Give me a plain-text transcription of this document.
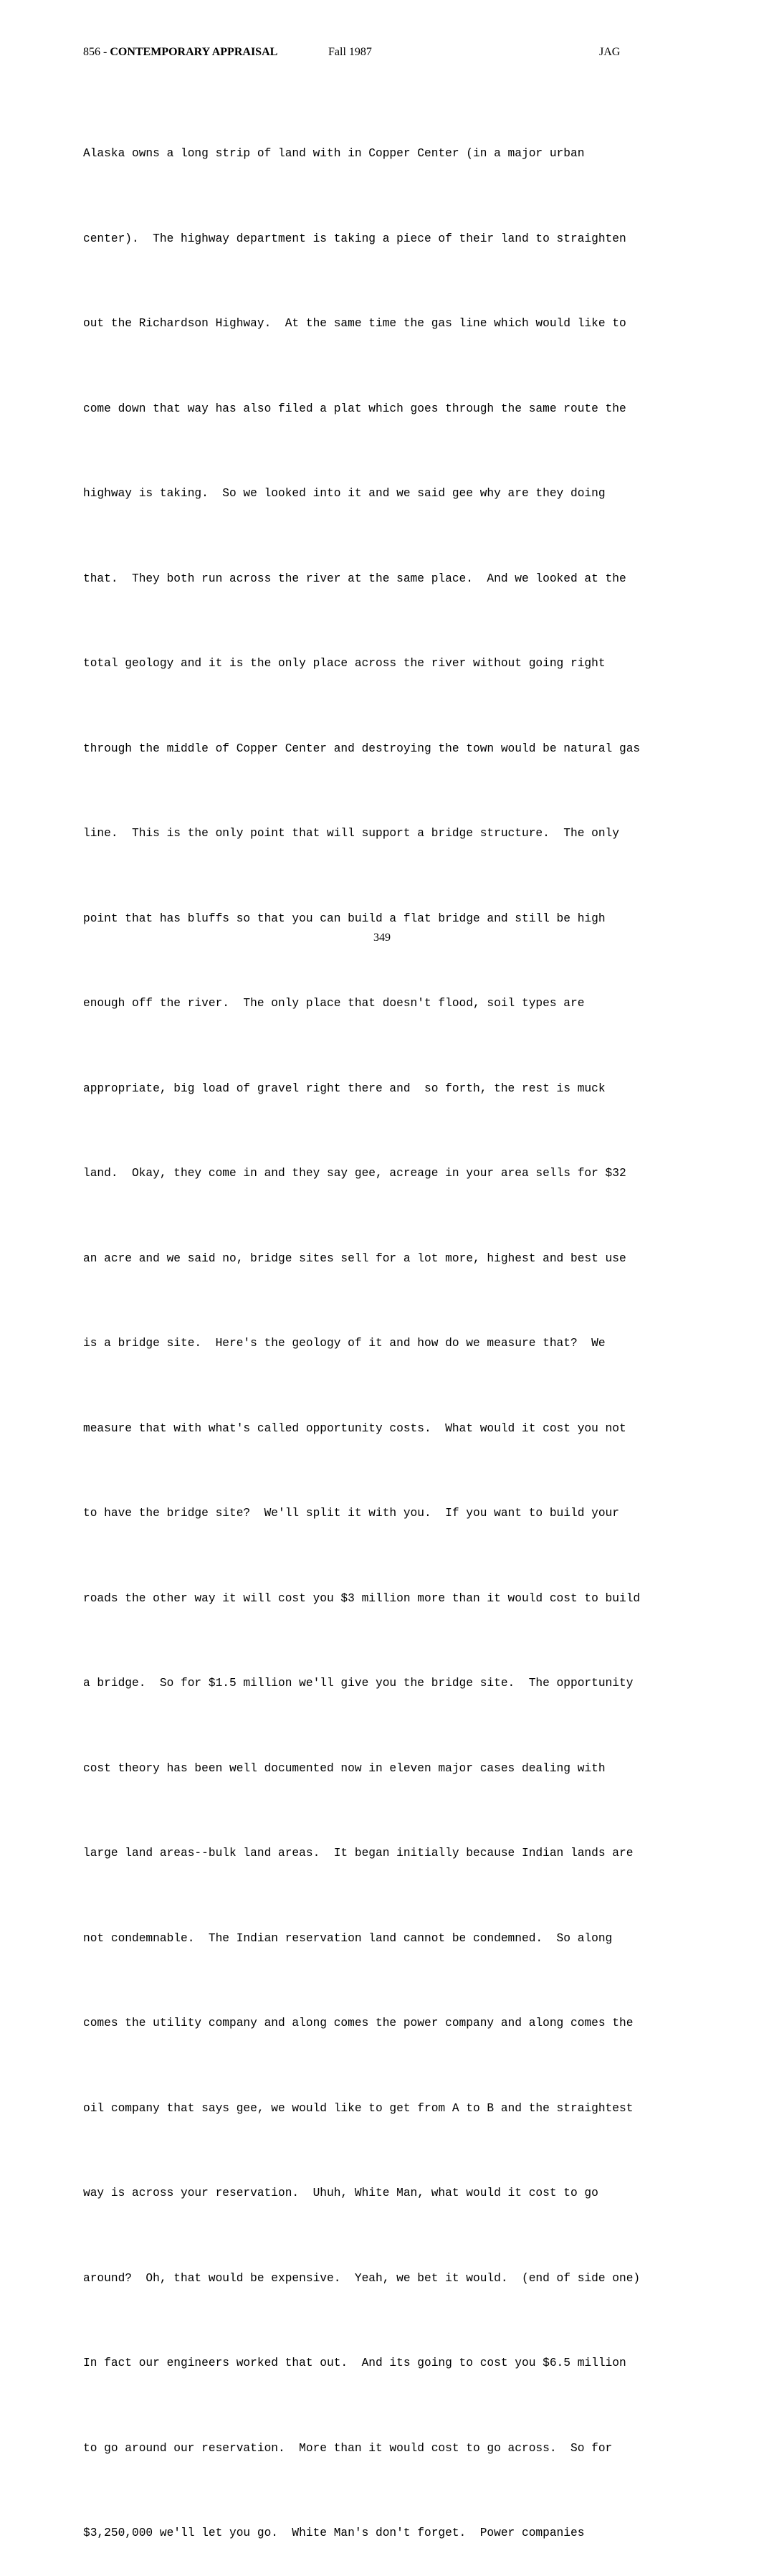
856 - CONTEMPORARY APPRAISAL	Fall 1987	JAG

Alaska owns a long strip of land with in Copper Center (in a major urban

center).  The highway department is taking a piece of their land to straighten

out the Richardson Highway.  At the same time the gas line which would like to

come down that way has also filed a plat which goes through the same route the

highway is taking.  So we looked into it and we said gee why are they doing

that.  They both run across the river at the same place.  And we looked at the

total geology and it is the only place across the river without going right

through the middle of Copper Center and destroying the town would be natural gas

line.  This is the only point that will support a bridge structure.  The only

point that has bluffs so that you can build a flat bridge and still be high

enough off the river.  The only place that doesn't flood, soil types are

appropriate, big load of gravel right there and  so forth, the rest is muck

land.  Okay, they come in and they say gee, acreage in your area sells for $32

an acre and we said no, bridge sites sell for a lot more, highest and best use

is a bridge site.  Here's the geology of it and how do we measure that?  We

measure that with what's called opportunity costs.  What would it cost you not

to have the bridge site?  We'll split it with you.  If you want to build your

roads the other way it will cost you $3 million more than it would cost to build

a bridge.  So for $1.5 million we'll give you the bridge site.  The opportunity

cost theory has been well documented now in eleven major cases dealing with

large land areas--bulk land areas.  It began initially because Indian lands are

not condemnable.  The Indian reservation land cannot be condemned.  So along

comes the utility company and along comes the power company and along comes the

oil company that says gee, we would like to get from A to B and the straightest

way is across your reservation.  Uhuh, White Man, what would it cost to go

around?  Oh, that would be expensive.  Yeah, we bet it would.  (end of side one)

In fact our engineers worked that out.  And its going to cost you $6.5 million

to go around our reservation.  More than it would cost to go across.  So for

$3,250,000 we'll let you go.  White Man's don't forget.  Power companies

349
